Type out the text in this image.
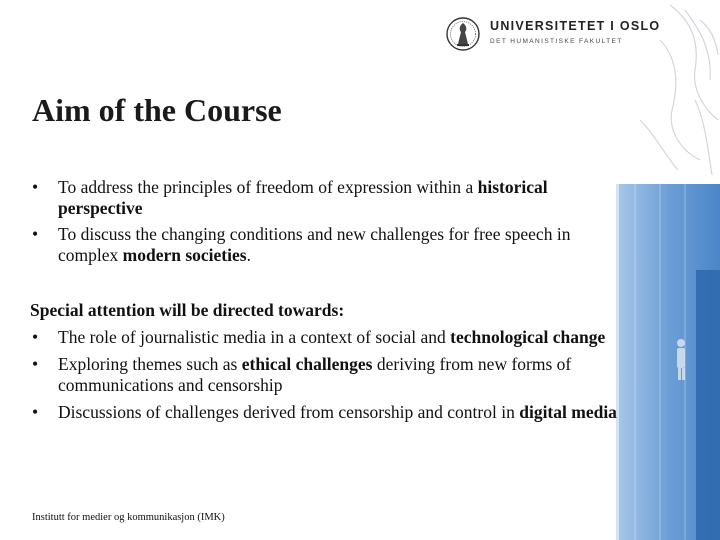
UNIVERSITETET I OSLO
DET HUMANISTISKE FAKULTET
Aim of the Course
• To address the principles of freedom of expression within a historical perspective
• To discuss the changing conditions and new challenges for free speech in complex modern societies.
Special attention will be directed towards:
• The role of journalistic media in a context of social and technological change
• Exploring themes such as ethical challenges deriving from new forms of communications and censorship
• Discussions of challenges derived from censorship and control in digital media
Institutt for medier og kommunikasjon (IMK)
